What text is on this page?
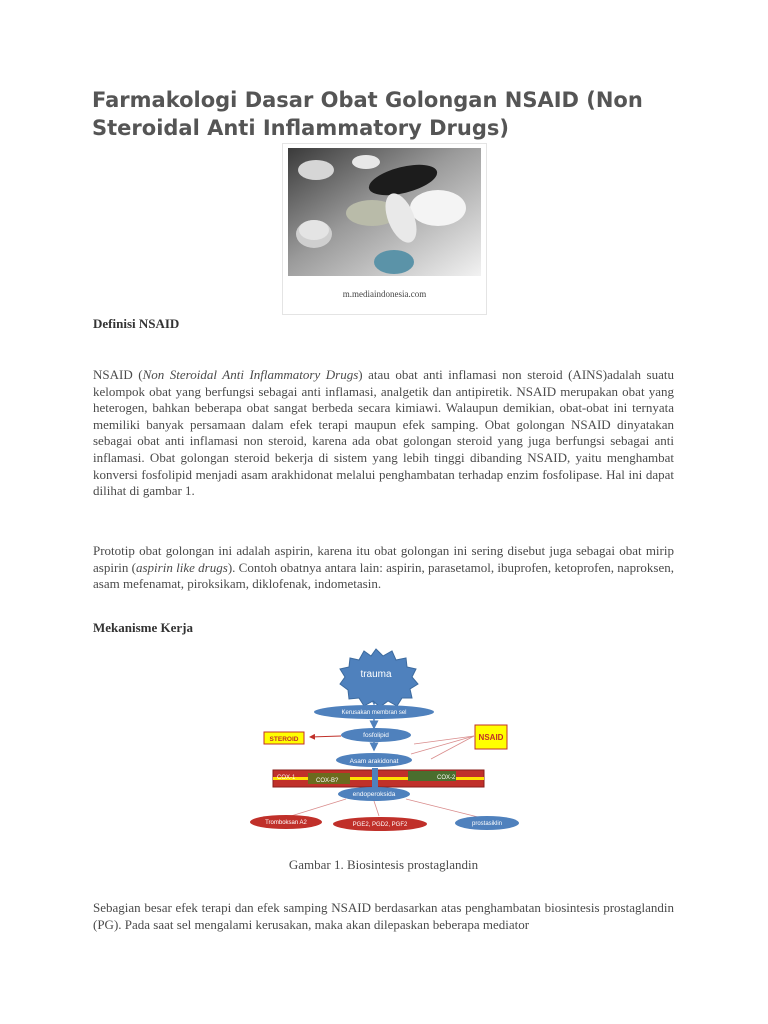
Farmakologi Dasar Obat Golongan NSAID (Non Steroidal Anti Inflammatory Drugs)
m.mediaindonesia.com
Definisi NSAID

NSAID (Non Steroidal Anti Inflammatory Drugs) atau obat anti inflamasi non steroid (AINS)adalah suatu kelompok obat yang berfungsi sebagai anti inflamasi, analgetik dan antipiretik. NSAID merupakan obat yang heterogen, bahkan beberapa obat sangat berbeda secara kimiawi. Walaupun demikian, obat-obat ini ternyata memiliki banyak persamaan dalam efek terapi maupun efek samping. Obat golongan NSAID dinyatakan sebagai obat anti inflamasi non steroid, karena ada obat golongan steroid yang juga berfungsi sebagai anti inflamasi. Obat golongan steroid bekerja di sistem yang lebih tinggi dibanding NSAID, yaitu menghambat konversi fosfolipid menjadi asam arakhidonat melalui penghambatan terhadap enzim fosfolipase. Hal ini dapat dilihat di gambar 1.

Prototip obat golongan ini adalah aspirin, karena itu obat golongan ini sering disebut juga sebagai obat mirip aspirin (aspirin like drugs). Contoh obatnya antara lain: aspirin, parasetamol, ibuprofen, ketoprofen, naproksen, asam mefenamat, piroksikam, diklofenak, indometasin.

Mekanisme Kerja
trauma
Kerusakan membran sel
fosfolipid
STEROID	NSAID
Asam arakidonat
COX-1	COX-B?	COX-2
endoperoksida
Tromboksan A2	PGE2, PGD2, PGF2	prostasiklin
Gambar 1. Biosintesis prostaglandin

Sebagian besar efek terapi dan efek samping NSAID berdasarkan atas penghambatan biosintesis prostaglandin (PG). Pada saat sel mengalami kerusakan, maka akan dilepaskan beberapa mediator
